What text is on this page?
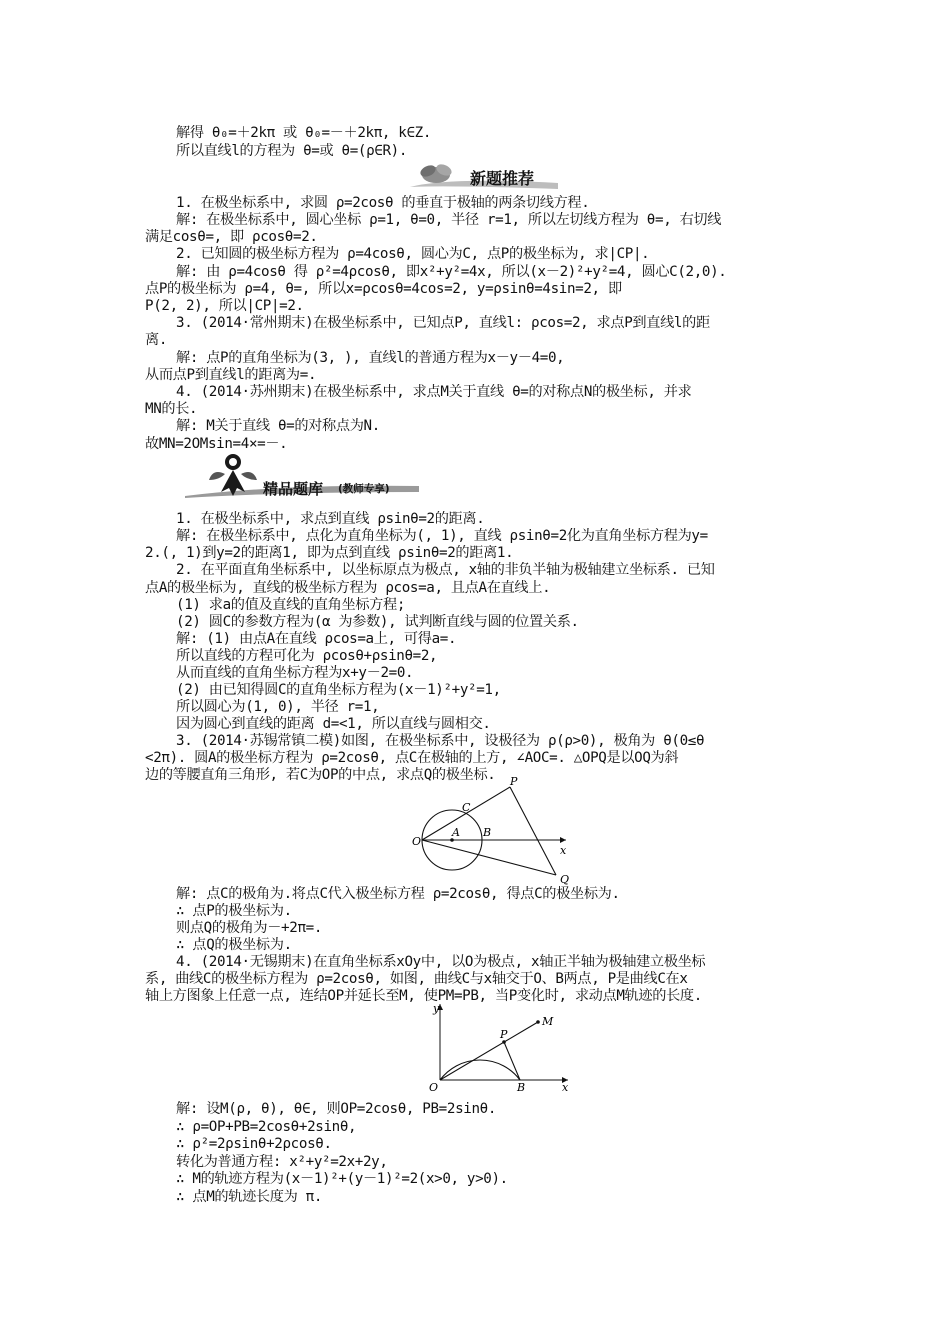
解得 θ₀=＋2kπ 或 θ₀=－＋2kπ, k∈Z.
所以直线l的方程为 θ=或 θ=(ρ∈R).
新题推荐
1. 在极坐标系中, 求圆 ρ=2cosθ 的垂直于极轴的两条切线方程.
解: 在极坐标系中, 圆心坐标 ρ=1, θ=0, 半径 r=1, 所以左切线方程为 θ=, 右切线
满足cosθ=, 即 ρcosθ=2.
2. 已知圆的极坐标方程为 ρ=4cosθ, 圆心为C, 点P的极坐标为, 求|CP|.
解: 由 ρ=4cosθ 得 ρ²=4ρcosθ, 即x²+y²=4x, 所以(x－2)²+y²=4, 圆心C(2,0).
点P的极坐标为 ρ=4, θ=, 所以x=ρcosθ=4cos=2, y=ρsinθ=4sin=2, 即
P(2, 2), 所以|CP|=2.
3. (2014·常州期末)在极坐标系中, 已知点P, 直线l: ρcos=2, 求点P到直线l的距
离.
解: 点P的直角坐标为(3, ), 直线l的普通方程为x－y－4=0,
从而点P到直线l的距离为=.
4. (2014·苏州期末)在极坐标系中, 求点M关于直线 θ=的对称点N的极坐标, 并求
MN的长.
解: M关于直线 θ=的对称点为N.
故MN=2OMsin=4×=－.
精品题库 (教师专享)
1. 在极坐标系中, 求点到直线 ρsinθ=2的距离.
解: 在极坐标系中, 点化为直角坐标为(, 1), 直线 ρsinθ=2化为直角坐标方程为y=
2.(, 1)到y=2的距离1, 即为点到直线 ρsinθ=2的距离1.
2. 在平面直角坐标系中, 以坐标原点为极点, x轴的非负半轴为极轴建立坐标系. 已知
点A的极坐标为, 直线的极坐标方程为 ρcos=a, 且点A在直线上.
(1) 求a的值及直线的直角坐标方程;
(2) 圆C的参数方程为(α 为参数), 试判断直线与圆的位置关系.
解: (1) 由点A在直线 ρcos=a上, 可得a=.
所以直线的方程可化为 ρcosθ+ρsinθ=2,
从而直线的直角坐标方程为x+y－2=0.
(2) 由已知得圆C的直角坐标方程为(x－1)²+y²=1,
所以圆心为(1, 0), 半径 r=1,
因为圆心到直线的距离 d=<1, 所以直线与圆相交.
3. (2014·苏锡常镇二模)如图, 在极坐标系中, 设极径为 ρ(ρ>0), 极角为 θ(0≤θ
<2π). 圆A的极坐标方程为 ρ=2cosθ, 点C在极轴的上方, ∠AOC=. △OPQ是以OQ为斜
边的等腰直角三角形, 若C为OP的中点, 求点Q的极坐标.
O
A B
C
P
Q
x
解: 点C的极角为.将点C代入极坐标方程 ρ=2cosθ, 得点C的极坐标为.
∴ 点P的极坐标为.
则点Q的极角为－+2π=.
∴ 点Q的极坐标为.
4. (2014·无锡期末)在直角坐标系xOy中, 以O为极点, x轴正半轴为极轴建立极坐标
系, 曲线C的极坐标方程为 ρ=2cosθ, 如图, 曲线C与x轴交于O、B两点, P是曲线C在x
轴上方图象上任意一点, 连结OP并延长至M, 使PM=PB, 当P变化时, 求动点M轨迹的长度.
y
O	B
P
M
x
解: 设M(ρ, θ), θ∈, 则OP=2cosθ, PB=2sinθ.
∴ ρ=OP+PB=2cosθ+2sinθ,
∴ ρ²=2ρsinθ+2ρcosθ.
转化为普通方程: x²+y²=2x+2y,
∴ M的轨迹方程为(x－1)²+(y－1)²=2(x>0, y>0).
∴ 点M的轨迹长度为 π.
